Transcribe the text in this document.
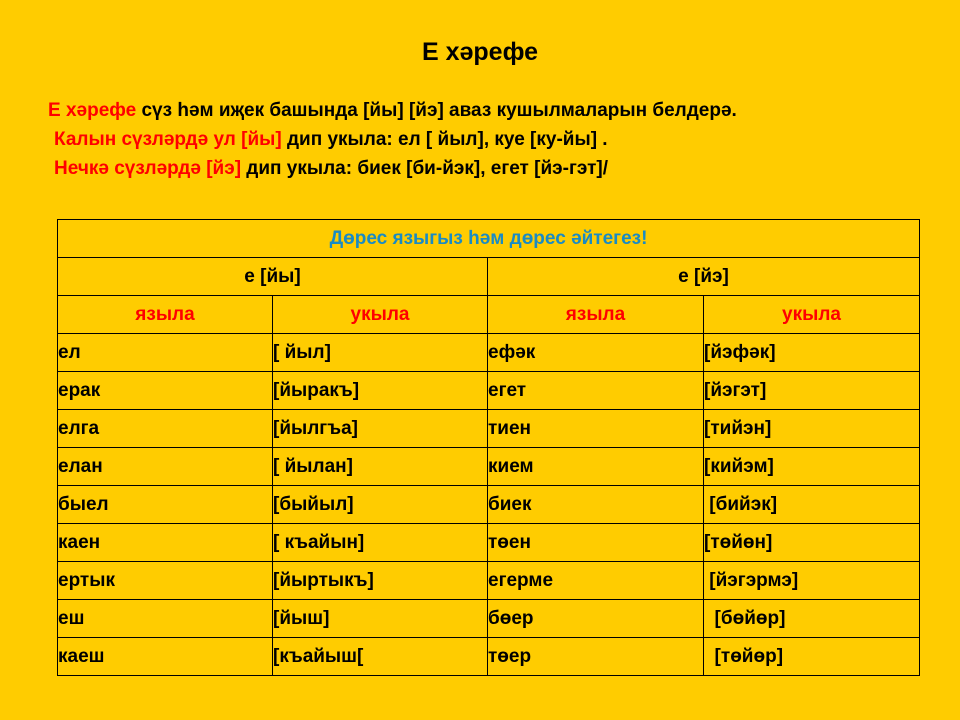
Е хәрефе
Е хәрефе сүз һәм иҗек башында [йы] [йэ] аваз кушылмаларын белдерә.
Калын сүзләрдә ул [йы] дип укыла: ел [ йыл], куе [ку-йы] .
Нечкә сүзләрдә [йэ] дип укыла: биек [би-йэк], егет [йэ-гэт]/
Дөрес языгыз һәм дөрес әйтегез!			
е [йы]		е [йэ]	
языла	укыла	языла	укыла
ел	[ йыл]	ефәк	[йэфәк]
ерак	[йыракъ]	егет	[йэгэт]
елга	[йылгъа]	тиен	[тийэн]
елан	[ йылан]	кием	[кийэм]
быел	[быйыл]	биек	[бийэк]
каен	[ къайын]	төен	[төйөн]
ертык	[йыртыкъ]	егерме	[йэгэрмэ]
еш	[йыш]	бөер	[бөйөр]
каеш	[къайыш[	төер	[төйөр]
